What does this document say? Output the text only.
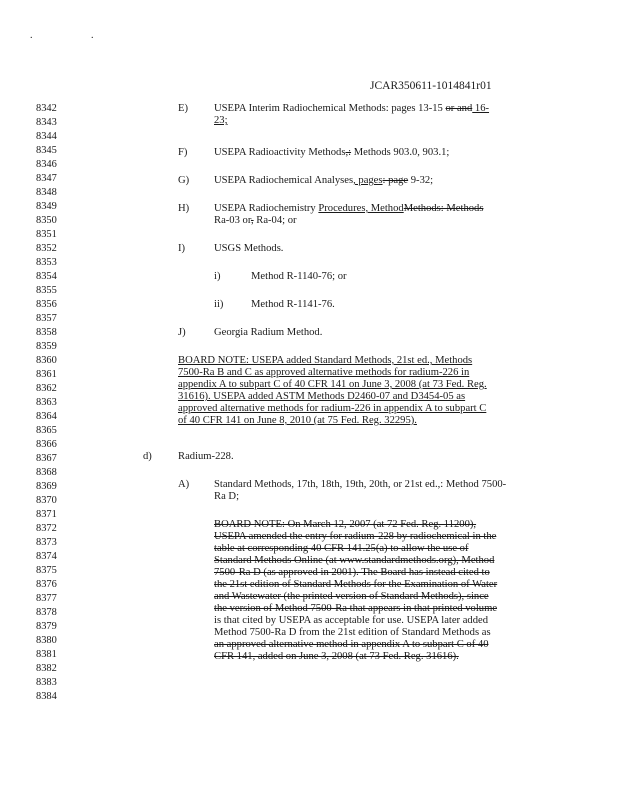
. .
JCAR350611-1014841r01
8342
8343
8344
8345
8346
8347
8348
8349
8350
8351
8352
8353
8354
8355
8356
8357
8358
8359
8360
8361
8362
8363
8364
8365
8366
8367
8368
8369
8370
8371
8372
8373
8374
8375
8376
8377
8378
8379
8380
8381
8382
8383
8384
E) USEPA Interim Radiochemical Methods: pages 13-15 or and 16-
23;
F)	USEPA Radioactivity Methods,: Methods 903.0, 903.1;
G) USEPA Radiochemical Analyses, pages: page 9-32;
H) USEPA Radiochemistry Procedures, MethodMethods: Methods
Ra-03 or, Ra-04; or
I)	USGS Methods.
i)	Method R-1140-76; or
ii)	Method R-1141-76.
J)	Georgia Radium Method.
BOARD NOTE: USEPA added Standard Methods, 21st ed., Methods
7500-Ra B and C as approved alternative methods for radium-226 in
appendix A to subpart C of 40 CFR 141 on June 3, 2008 (at 73 Fed. Reg.
31616). USEPA added ASTM Methods D2460-07 and D3454-05 as
approved alternative methods for radium-226 in appendix A to subpart C
of 40 CFR 141 on June 8, 2010 (at 75 Fed. Reg. 32295).
d) Radium-228.
A) Standard Methods, 17th, 18th, 19th, 20th, or 21st ed.,: Method 7500-
Ra D;
BOARD NOTE: On March 12, 2007 (at 72 Fed. Reg. 11200),
USEPA amended the entry for radium-228 by radiochemical in the
table at corresponding 40 CFR 141.25(a) to allow the use of
Standard Methods Online (at www.standardmethods.org), Method
7500-Ra D (as approved in 2001). The Board has instead cited to
the 21st edition of Standard Methods for the Examination of Water
and Wastewater (the printed version of Standard Methods), since
the version of Method 7500-Ra that appears in that printed volume
is that cited by USEPA as acceptable for use. USEPA later added
Method 7500-Ra D from the 21st edition of Standard Methods as
an approved alternative method in appendix A to subpart C of 40
CFR 141, added on June 3, 2008 (at 73 Fed. Reg. 31616).
